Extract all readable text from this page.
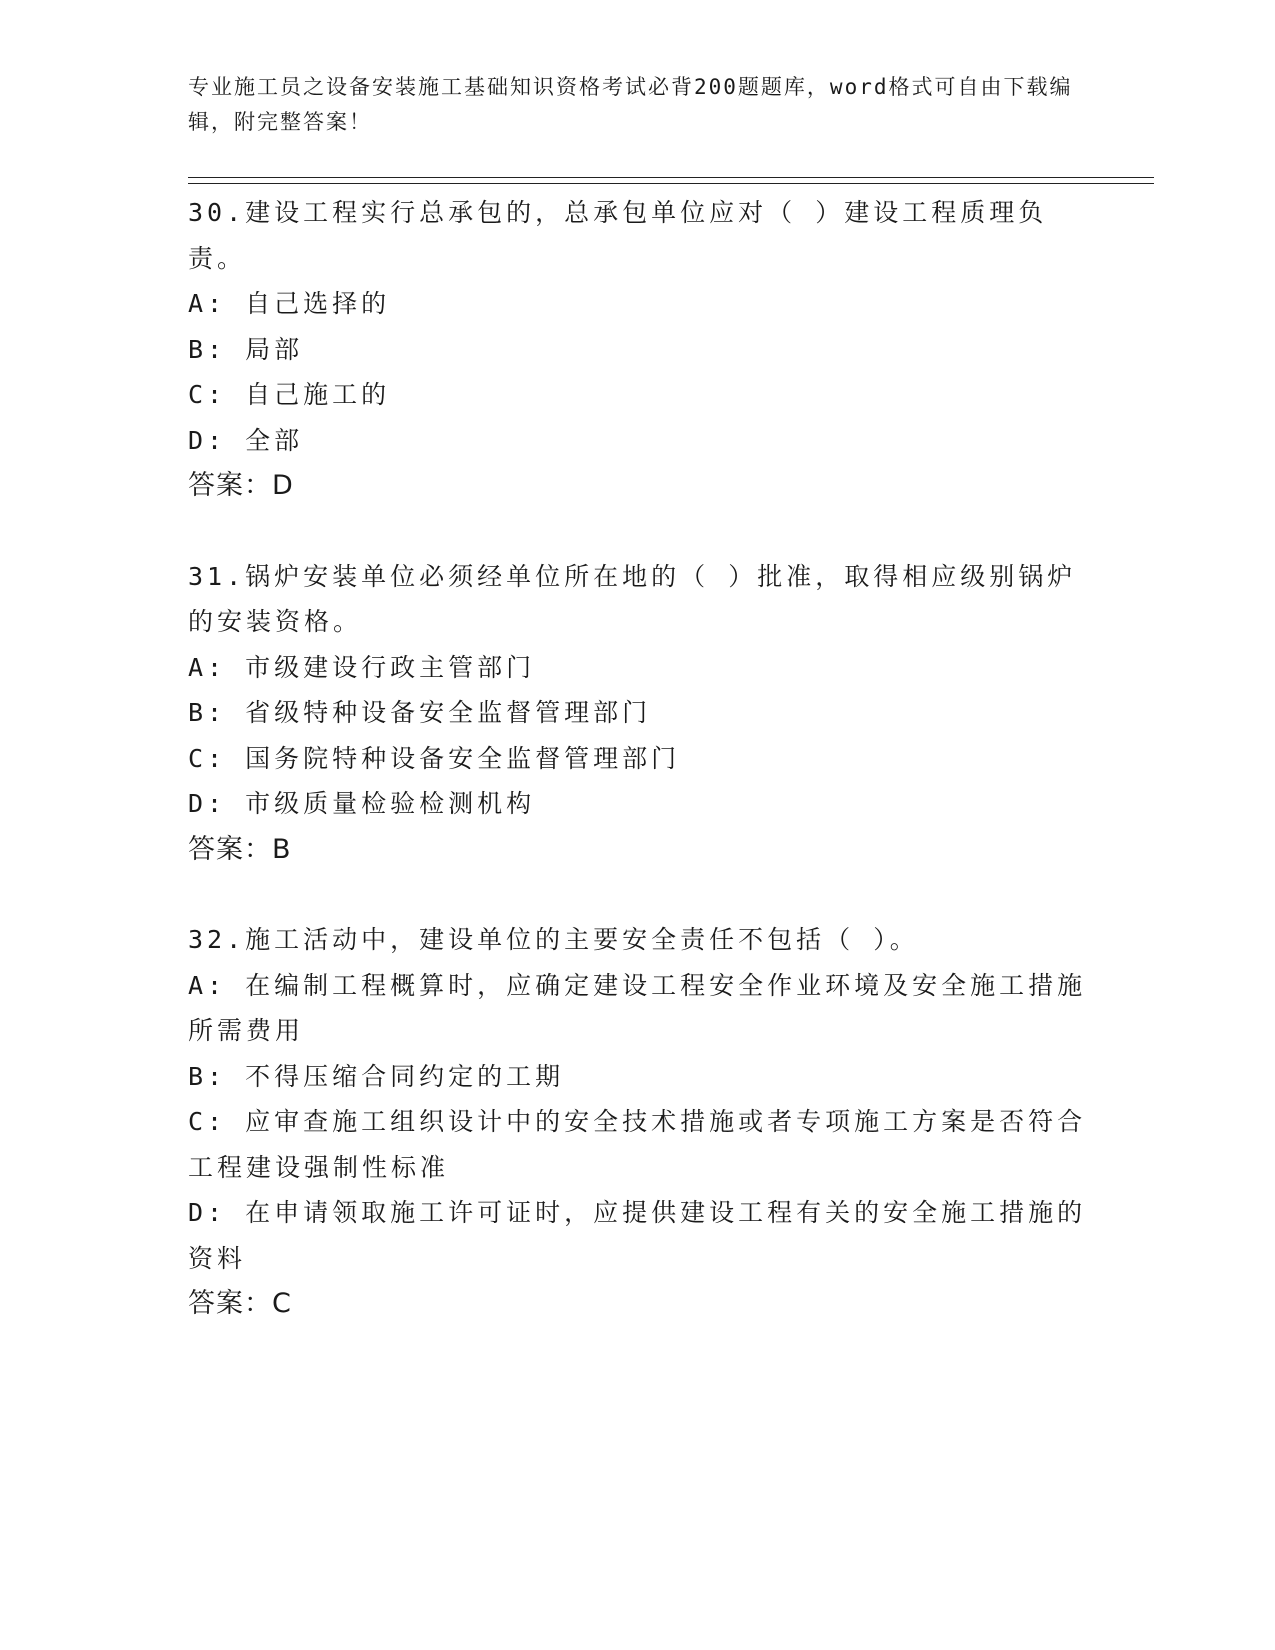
专业施工员之设备安装施工基础知识资格考试必背200题题库，word格式可自由下载编辑，附完整答案！
30.建设工程实行总承包的，总承包单位应对（ ）建设工程质理负责。
A: 自己选择的
B: 局部
C: 自己施工的
D: 全部
答案：D
31.锅炉安装单位必须经单位所在地的（ ）批准，取得相应级别锅炉的安装资格。
A: 市级建设行政主管部门
B: 省级特种设备安全监督管理部门
C: 国务院特种设备安全监督管理部门
D: 市级质量检验检测机构
答案：B
32.施工活动中，建设单位的主要安全责任不包括（ ）。
A: 在编制工程概算时，应确定建设工程安全作业环境及安全施工措施所需费用
B: 不得压缩合同约定的工期
C: 应审查施工组织设计中的安全技术措施或者专项施工方案是否符合工程建设强制性标准
D: 在申请领取施工许可证时，应提供建设工程有关的安全施工措施的资料
答案：C
